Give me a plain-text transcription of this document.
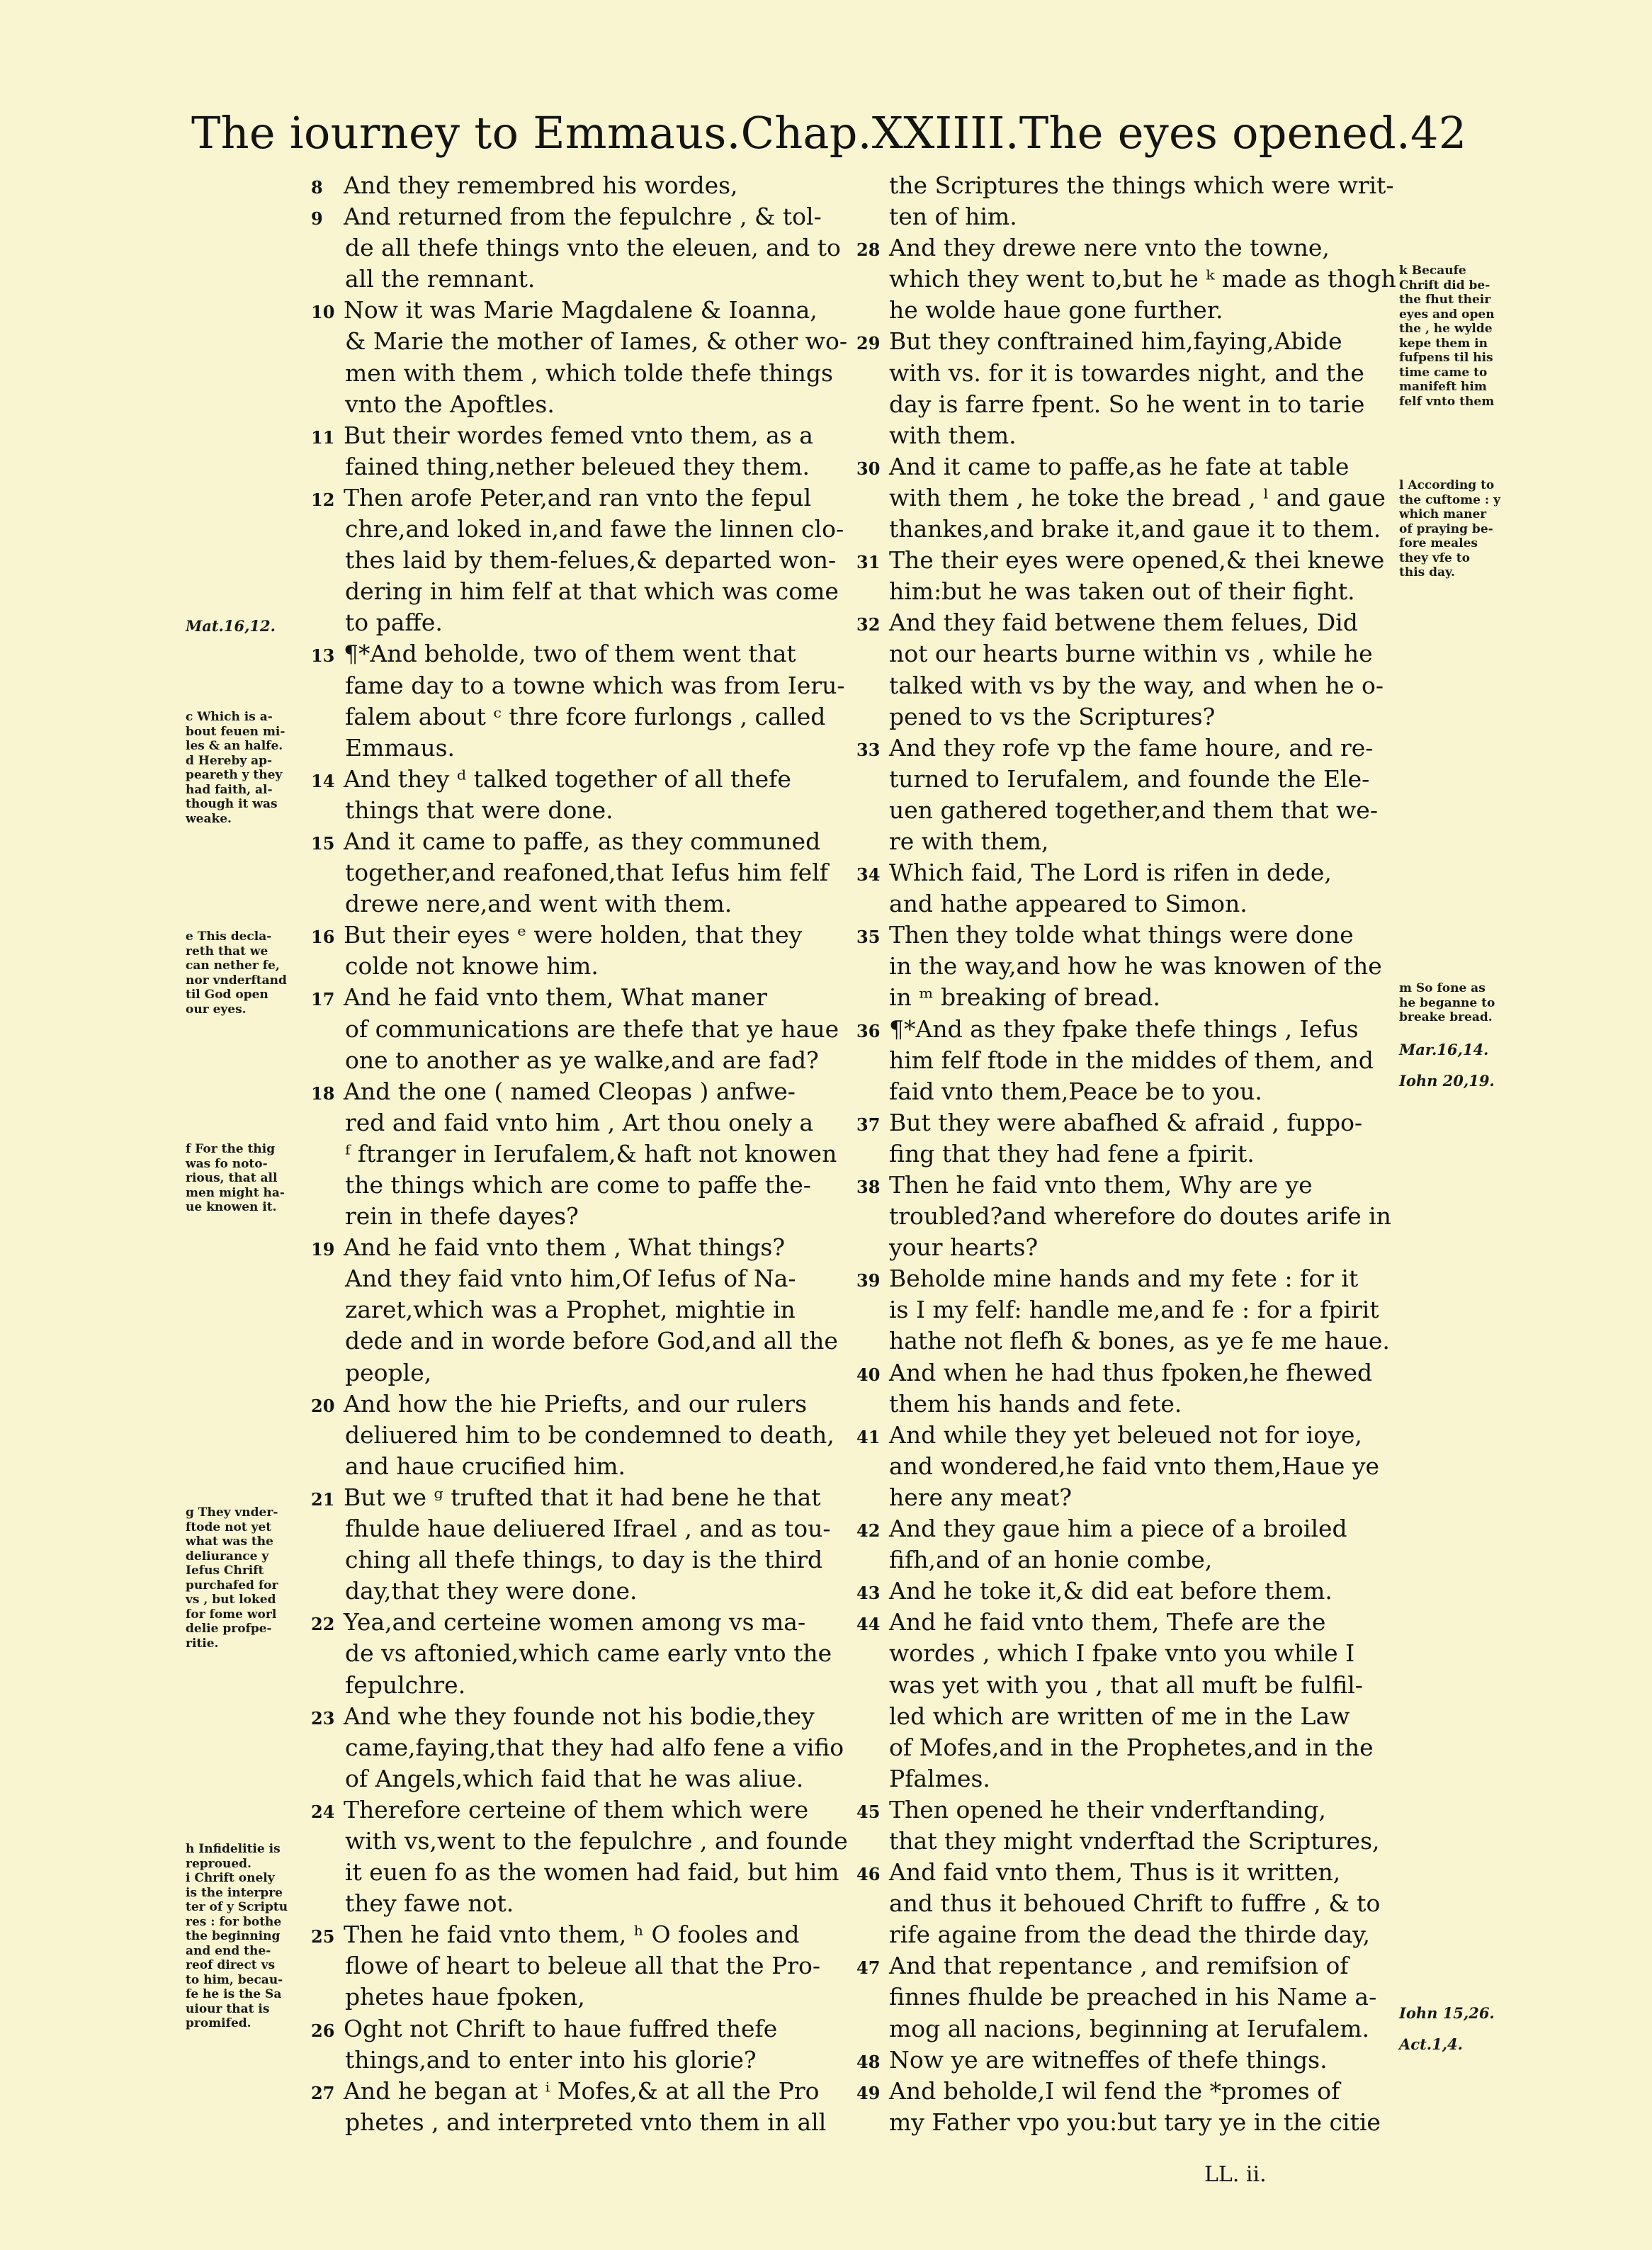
The iourney to Emmaus.Chap.XXIIII.The eyes opened.42
8 And they remembred his wordes,
9 And returned from the fepulchre , & tol-
de all thefe things vnto the eleuen, and to
all the remnant.
10 Now it was Marie Magdalene & Ioanna,
& Marie the mother of Iames, & other wo-
men with them , which tolde thefe things
vnto the Apoftles.
11 But their wordes femed vnto them, as a
fained thing,nether beleued they them.
12 Then arofe Peter,and ran vnto the fepul
chre,and loked in,and fawe the linnen clo-
thes laid by them-felues,& departed won-
dering in him felf at that which was come
to paffe.
13 ¶*And beholde, two of them went that
fame day to a towne which was from Ieru-
falem about ᶜ thre fcore furlongs , called
Emmaus.
14 And they ᵈ talked together of all thefe
things that were done.
15 And it came to paffe, as they communed
together,and reafoned,that Iefus him felf
drewe nere,and went with them.
16 But their eyes ᵉ were holden, that they
colde not knowe him.
17 And he faid vnto them, What maner
of communications are thefe that ye haue
one to another as ye walke,and are fad?
18 And the one ( named Cleopas ) anfwe-
red and faid vnto him , Art thou onely a
ᶠ ftranger in Ierufalem,& haft not knowen
the things which are come to paffe the-
rein in thefe dayes?
19 And he faid vnto them , What things?
And they faid vnto him,Of Iefus of Na-
zaret,which was a Prophet, mightie in
dede and in worde before God,and all the
people,
20 And how the hie Priefts, and our rulers
deliuered him to be condemned to death,
and haue crucified him.
21 But we ᵍ trufted that it had bene he that
fhulde haue deliuered Ifrael , and as tou-
ching all thefe things, to day is the third
day,that they were done.
22 Yea,and certeine women among vs ma-
de vs aftonied,which came early vnto the
fepulchre.
23 And whe they founde not his bodie,they
came,faying,that they had alfo fene a vifio
of Angels,which faid that he was aliue.
24 Therefore certeine of them which were
with vs,went to the fepulchre , and founde
it euen fo as the women had faid, but him
they fawe not.
25 Then he faid vnto them, ʰ O fooles and
flowe of heart to beleue all that the Pro-
phetes haue fpoken,
26 Oght not Chrift to haue fuffred thefe
things,and to enter into his glorie?
27 And he began at ⁱ Mofes,& at all the Pro
phetes , and interpreted vnto them in all
the Scriptures the things which were writ-
ten of him.
28 And they drewe nere vnto the towne,
which they went to,but he ᵏ made as thogh
he wolde haue gone further.
29 But they conftrained him,faying,Abide
with vs. for it is towardes night, and the
day is farre fpent. So he went in to tarie
with them.
30 And it came to paffe,as he fate at table
with them , he toke the bread , ˡ and gaue
thankes,and brake it,and gaue it to them.
31 The their eyes were opened,& thei knewe
him:but he was taken out of their fight.
32 And they faid betwene them felues, Did
not our hearts burne within vs , while he
talked with vs by the way, and when he o-
pened to vs the Scriptures?
33 And they rofe vp the fame houre, and re-
turned to Ierufalem, and founde the Ele-
uen gathered together,and them that we-
re with them,
34 Which faid, The Lord is rifen in dede,
and hathe appeared to Simon.
35 Then they tolde what things were done
in the way,and how he was knowen of the
in ᵐ breaking of bread.
36 ¶*And as they fpake thefe things , Iefus
him felf ftode in the middes of them, and
faid vnto them,Peace be to you.
37 But they were abafhed & afraid , fuppo-
fing that they had fene a fpirit.
38 Then he faid vnto them, Why are ye
troubled?and wherefore do doutes arife in
your hearts?
39 Beholde mine hands and my fete : for it
is I my felf: handle me,and fe : for a fpirit
hathe not flefh & bones, as ye fe me haue.
40 And when he had thus fpoken,he fhewed
them his hands and fete.
41 And while they yet beleued not for ioye,
and wondered,he faid vnto them,Haue ye
here any meat?
42 And they gaue him a piece of a broiled
fifh,and of an honie combe,
43 And he toke it,& did eat before them.
44 And he faid vnto them, Thefe are the
wordes , which I fpake vnto you while I
was yet with you , that all muft be fulfil-
led which are written of me in the Law
of Mofes,and in the Prophetes,and in the
Pfalmes.
45 Then opened he their vnderftanding,
that they might vnderftad the Scriptures,
46 And faid vnto them, Thus is it written,
and thus it behoued Chrift to fuffre , & to
rife againe from the dead the thirde day,
47 And that repentance , and remifsion of
finnes fhulde be preached in his Name a-
mog all nacions, beginning at Ierufalem.
48 Now ye are witneffes of thefe things.
49 And beholde,I wil fend the *promes of
my Father vpo you:but tary ye in the citie
Mat.16,12.
c Which is a-
bout feuen mi-
les & an halfe.
d Hereby ap-
peareth y they
had faith, al-
though it was
weake.
e This decla-
reth that we
can nether fe,
nor vnderftand
til God open
our eyes.
f For the thig
was fo noto-
rious, that all
men might ha-
ue knowen it.
g They vnder-
ftode not yet
what was the
deliurance y
Iefus Chrift
purchafed for
vs , but loked
for fome worl
delie profpe-
ritie.
h Infidelitie is
reproued.
i Chrift onely
is the interpre
ter of y Scriptu
res : for bothe
the beginning
and end the-
reof direct vs
to him, becau-
fe he is the Sa
uiour that is
promifed.
k Becaufe
Chrift did be-
the fhut their
eyes and open
the , he wylde
kepe them in
fufpens til his
time came to
manifeft him
felf vnto them
l According to
the cuftome : y
which maner
of praying be-
fore meales
they vfe to
this day.
m So fone as
he beganne to
breake bread.
Mar.16,14.
Iohn 20,19.
Iohn 15,26.
Act.1,4.
LL. ii.
